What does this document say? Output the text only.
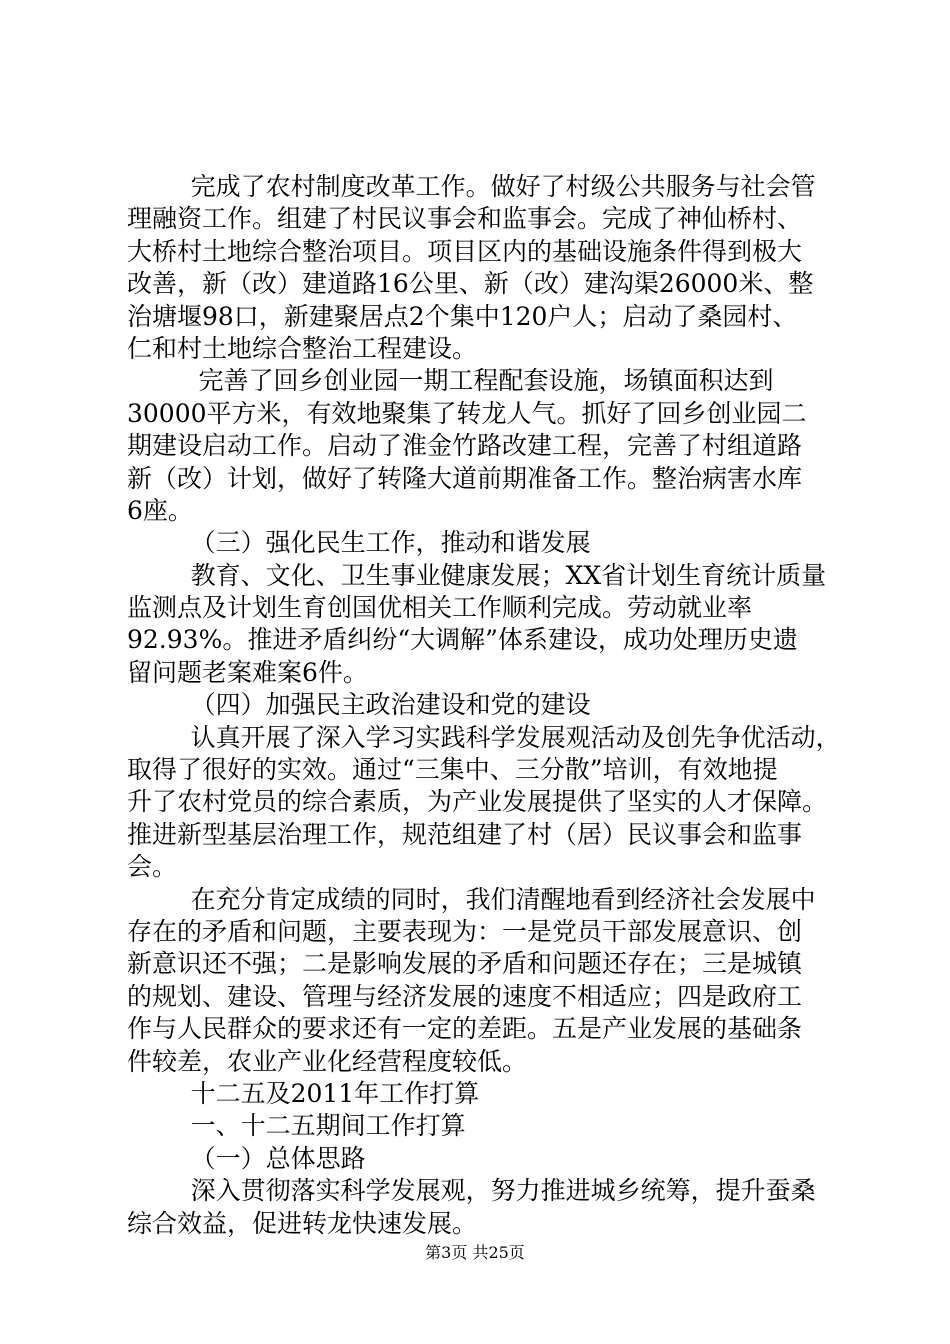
完成了农村制度改革工作。做好了村级公共服务与社会管
理融资工作。组建了村民议事会和监事会。完成了神仙桥村、
大桥村土地综合整治项目。项目区内的基础设施条件得到极大
改善，新（改）建道路16公里、新（改）建沟渠26000米、整
治塘堰98口，新建聚居点2个集中120户人；启动了桑园村、
仁和村土地综合整治工程建设。
完善了回乡创业园一期工程配套设施，场镇面积达到
30000平方米，有效地聚集了转龙人气。抓好了回乡创业园二
期建设启动工作。启动了淮金竹路改建工程，完善了村组道路
新（改）计划，做好了转隆大道前期准备工作。整治病害水库
6座。
（三）强化民生工作，推动和谐发展
教育、文化、卫生事业健康发展；XX省计划生育统计质量
监测点及计划生育创国优相关工作顺利完成。劳动就业率
92.93%。推进矛盾纠纷“大调解”体系建设，成功处理历史遗
留问题老案难案6件。
（四）加强民主政治建设和党的建设
认真开展了深入学习实践科学发展观活动及创先争优活动，
取得了很好的实效。通过“三集中、三分散”培训，有效地提
升了农村党员的综合素质，为产业发展提供了坚实的人才保障。
推进新型基层治理工作，规范组建了村（居）民议事会和监事
会。
在充分肯定成绩的同时，我们清醒地看到经济社会发展中
存在的矛盾和问题，主要表现为：一是党员干部发展意识、创
新意识还不强；二是影响发展的矛盾和问题还存在；三是城镇
的规划、建设、管理与经济发展的速度不相适应；四是政府工
作与人民群众的要求还有一定的差距。五是产业发展的基础条
件较差，农业产业化经营程度较低。
十二五及2011年工作打算
一、十二五期间工作打算
（一）总体思路
深入贯彻落实科学发展观，努力推进城乡统筹，提升蚕桑
综合效益，促进转龙快速发展。
第3页 共25页
